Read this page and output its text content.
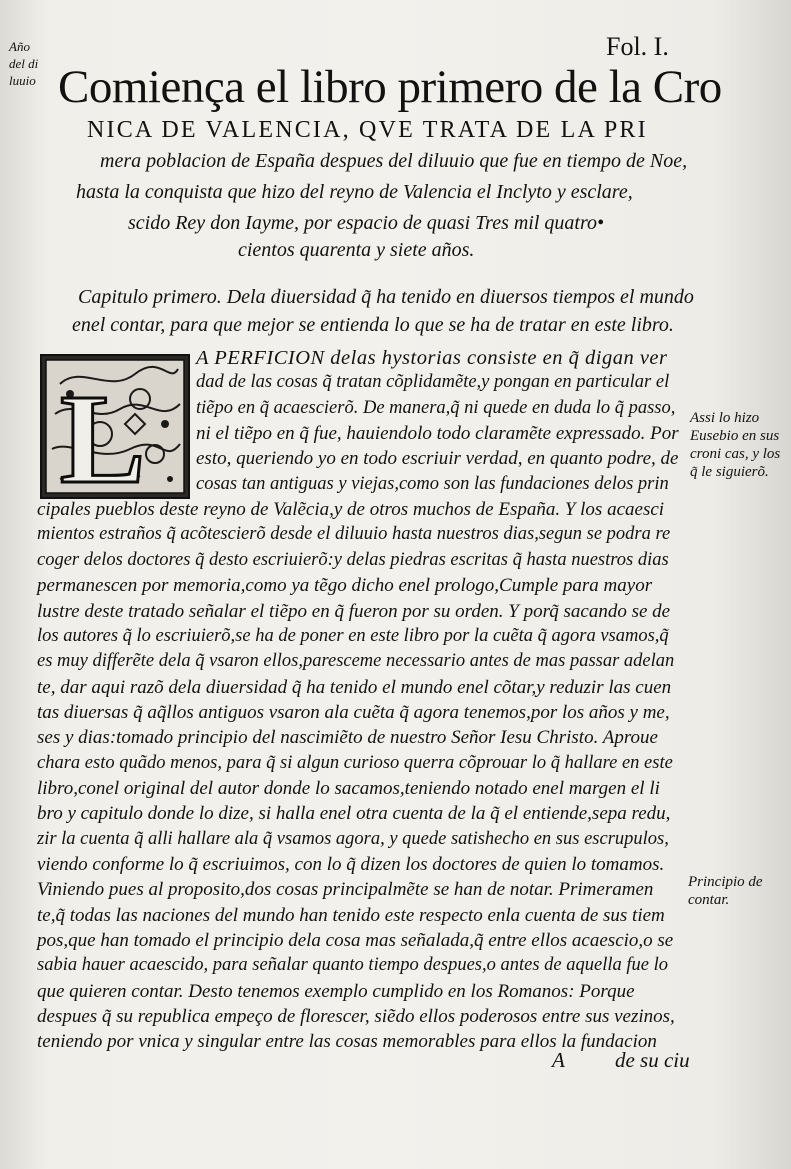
Año del di luuio
Fol. I.
Comiença el libro primero de la Cro
NICA DE VALENCIA, QVE TRATA DE LA PRI
mera poblacion de España despues del diluuio que fue en tiempo de Noe,
hasta la conquista que hizo del reyno de Valencia el Inclyto y esclare,
scido Rey don Iayme, por espacio de quasi Tres mil quatro•
cientos quarenta y siete años.
Capitulo primero. Dela diuersidad q̃ ha tenido en diuersos tiempos el mundo
enel contar, para que mejor se entienda lo que se ha de tratar en este libro.
L
A PERFICION delas hystorias consiste en q̃ digan ver
dad de las cosas q̃ tratan cõplidamẽte,y pongan en particular el
tiẽpo en q̃ acaescierõ. De manera,q̃ ni quede en duda lo q̃ passo,
ni el tiẽpo en q̃ fue, hauiendolo todo claramẽte expressado. Por
esto, queriendo yo en todo escriuir verdad, en quanto podre, de
cosas tan antiguas y viejas,como son las fundaciones delos prin
cipales pueblos deste reyno de Valẽcia,y de otros muchos de España. Y los acaesci
mientos estraños q̃ acõtescierõ desde el diluuio hasta nuestros dias,segun se podra re
coger delos doctores q̃ desto escriuierõ:y delas piedras escritas q̃ hasta nuestros dias
permanescen por memoria,como ya tẽgo dicho enel prologo,Cumple para mayor
lustre deste tratado señalar el tiẽpo en q̃ fueron por su orden. Y porq̃ sacando se de
los autores q̃ lo escriuierõ,se ha de poner en este libro por la cuẽta q̃ agora vsamos,q̃
es muy differẽte dela q̃ vsaron ellos,paresceme necessario antes de mas passar adelan
te, dar aqui razõ dela diuersidad q̃ ha tenido el mundo enel cõtar,y reduzir las cuen
tas diuersas q̃ aq̃llos antiguos vsaron ala cuẽta q̃ agora tenemos,por los años y me,
ses y dias:tomado principio del nascimiẽto de nuestro Señor Iesu Christo. Aproue
chara esto quãdo menos, para q̃ si algun curioso querra cõprouar lo q̃ hallare en este
libro,conel original del autor donde lo sacamos,teniendo notado enel margen el li
bro y capitulo donde lo dize, si halla enel otra cuenta de la q̃ el entiende,sepa redu,
zir la cuenta q̃ alli hallare ala q̃ vsamos agora, y quede satishecho en sus escrupulos,
viendo conforme lo q̃ escriuimos, con lo q̃ dizen los doctores de quien lo tomamos.
Viniendo pues al proposito,dos cosas principalmẽte se han de notar. Primeramen
te,q̃ todas las naciones del mundo han tenido este respecto enla cuenta de sus tiem
pos,que han tomado el principio dela cosa mas señalada,q̃ entre ellos acaescio,o se
sabia hauer acaescido, para señalar quanto tiempo despues,o antes de aquella fue lo
que quieren contar. Desto tenemos exemplo cumplido en los Romanos: Porque
despues q̃ su republica empeço de florescer, siẽdo ellos poderosos entre sus vezinos,
teniendo por vnica y singular entre las cosas memorables para ellos la fundacion
Assi lo hizo Eusebio en sus croni cas, y los q̃ le siguierõ.
Principio de contar.
A de su ciu
